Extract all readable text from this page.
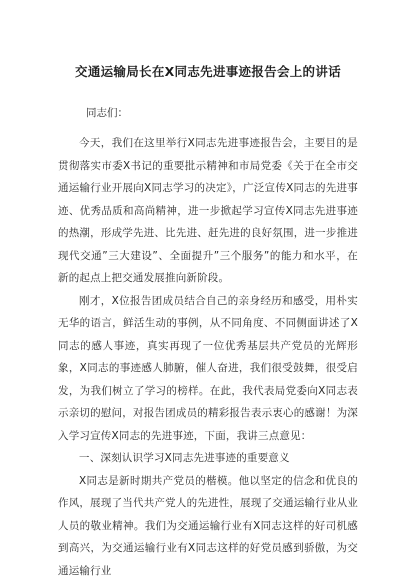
交通运输局长在X同志先进事迹报告会上的讲话

同志们：

今天，我们在这里举行X同志先进事迹报告会，主要目的是贯彻落实市委X书记的重要批示精神和市局党委《关于在全市交通运输行业开展向X同志学习的决定》，广泛宣传X同志的先进事迹、优秀品质和高尚精神，进一步掀起学习宣传X同志先进事迹的热潮，形成学先进、比先进、赶先进的良好氛围，进一步推进现代交通”三大建设”、全面提升”三个服务”的能力和水平，在新的起点上把交通发展推向新阶段。

刚才，X位报告团成员结合自己的亲身经历和感受，用朴实无华的语言，鲜活生动的事例，从不同角度、不同侧面讲述了X同志的感人事迹，真实再现了一位优秀基层共产党员的光辉形象，X同志的事迹感人肺腑，催人奋进，我们很受鼓舞，很受启发，为我们树立了学习的榜样。在此，我代表局党委向X同志表示亲切的慰问，对报告团成员的精彩报告表示衷心的感谢！为深入学习宣传X同志的先进事迹，下面，我讲三点意见：

一、深刻认识学习X同志先进事迹的重要意义

X同志是新时期共产党员的楷模。他以坚定的信念和优良的作风，展现了当代共产党人的先进性，展现了交通运输行业从业人员的敬业精神。我们为交通运输行业有X同志这样的好司机感到高兴，为交通运输行业有X同志这样的好党员感到骄傲，为交通运输行业
